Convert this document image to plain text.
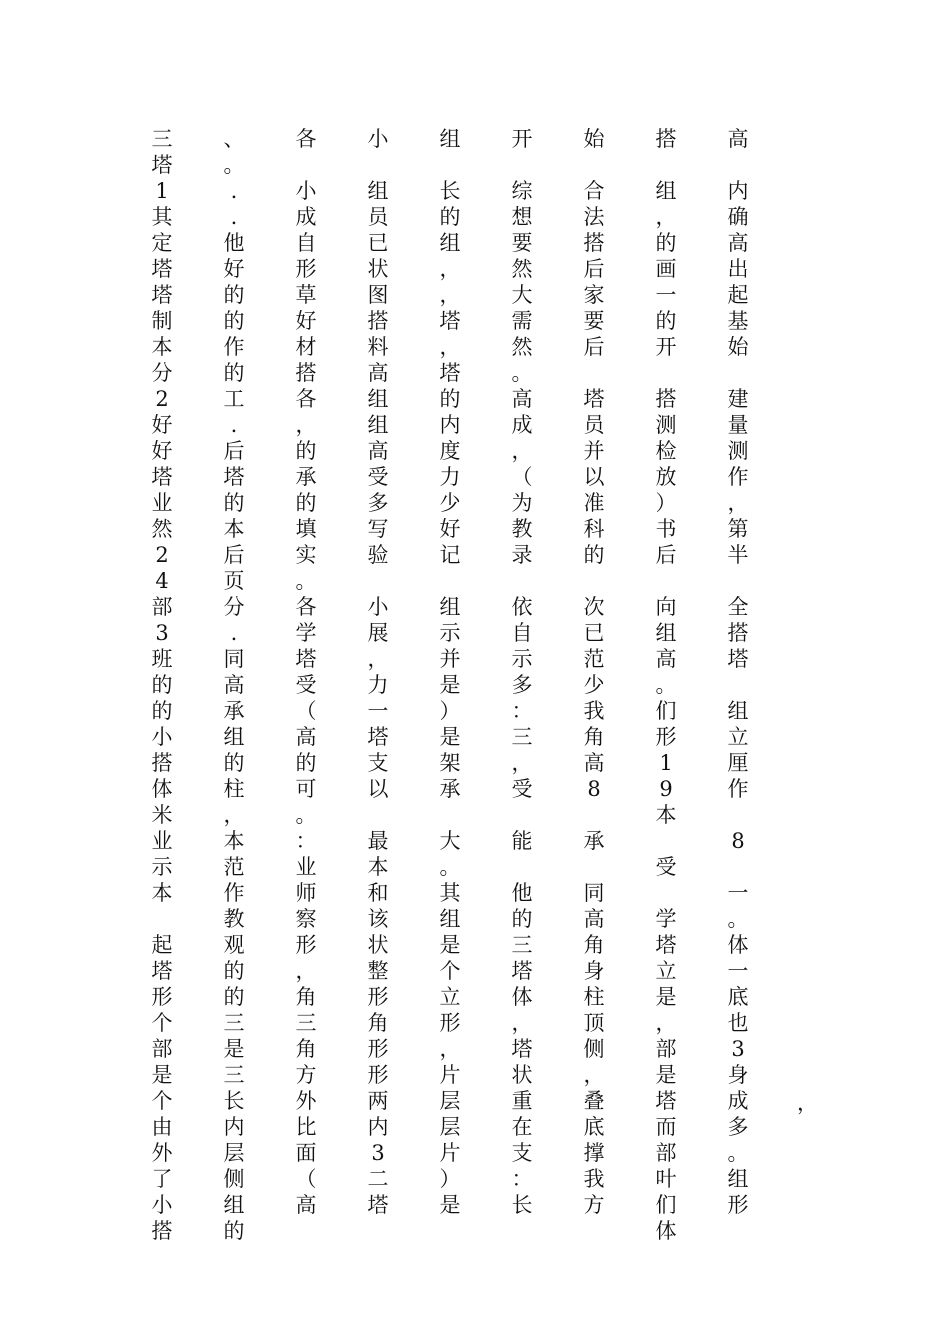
高

内
确
高
出
起
基
始

建
量
测
作
，
第
半

全
搭
塔

组
立
厘
作

8

一
。
体
一
底
也
3
身
成
多
。
组
形
搭

组
，
的
画
一
的
开

搭
测
检
放
）
书
后

向
组
高
。
们
形
1
9
本

受

学
塔
立
是
，
部
是
塔
而
部
叶
们
体
始

合
法
搭
后
家
要
后

塔
员
并
以
准
科
的

次
已
范
少
我
角
高
8

承

同
高
角
身
柱
顶
侧
，
叠
底
撑
我
方
开

综
想
要
然
大
需
然
。
高
成
，
（
为
教
录

依
自
示
多
：
三
，
受

能

他
的
三
塔
体
，
塔
状
重
在
支
：
长
组

长
的
组
，
，
塔
，
塔
的
内
度
力
少
好
记

组
示
并
是
）
是
架
承

大
。
其
组
是
个
立
形
，
片
层
层
片
）
是
小

组
员
已
状
图
搭
料
高
组
组
高
受
多
写
验

小
展
，
力
一
塔
支
以

最
本
和
该
状
整
形
角
形
形
两
内
3
二
塔
各

小
成
自
形
草
好
材
搭
各
，
的
承
的
填
实
。
各
学
塔
受
（
高
的
可
。
：
业
师
察
形
，
角
三
角
方
外
比
面
（
高
、
。
.
.
他
好
的
的
作
的
工
.
后
塔
的
本
后
页
分
.
同
高
承
组
的
柱
，
本
范
作
教
观
的
的
三
是
三
长
内
层
侧
组
的
三
塔
1
其
定
塔
塔
制
本
分
2
好
好
塔
业
然
2
4
部
3
班
的
的
小
搭
体
米
业
示
本

起
塔
形
个
部
是
个
由
外
了
小
搭
，
